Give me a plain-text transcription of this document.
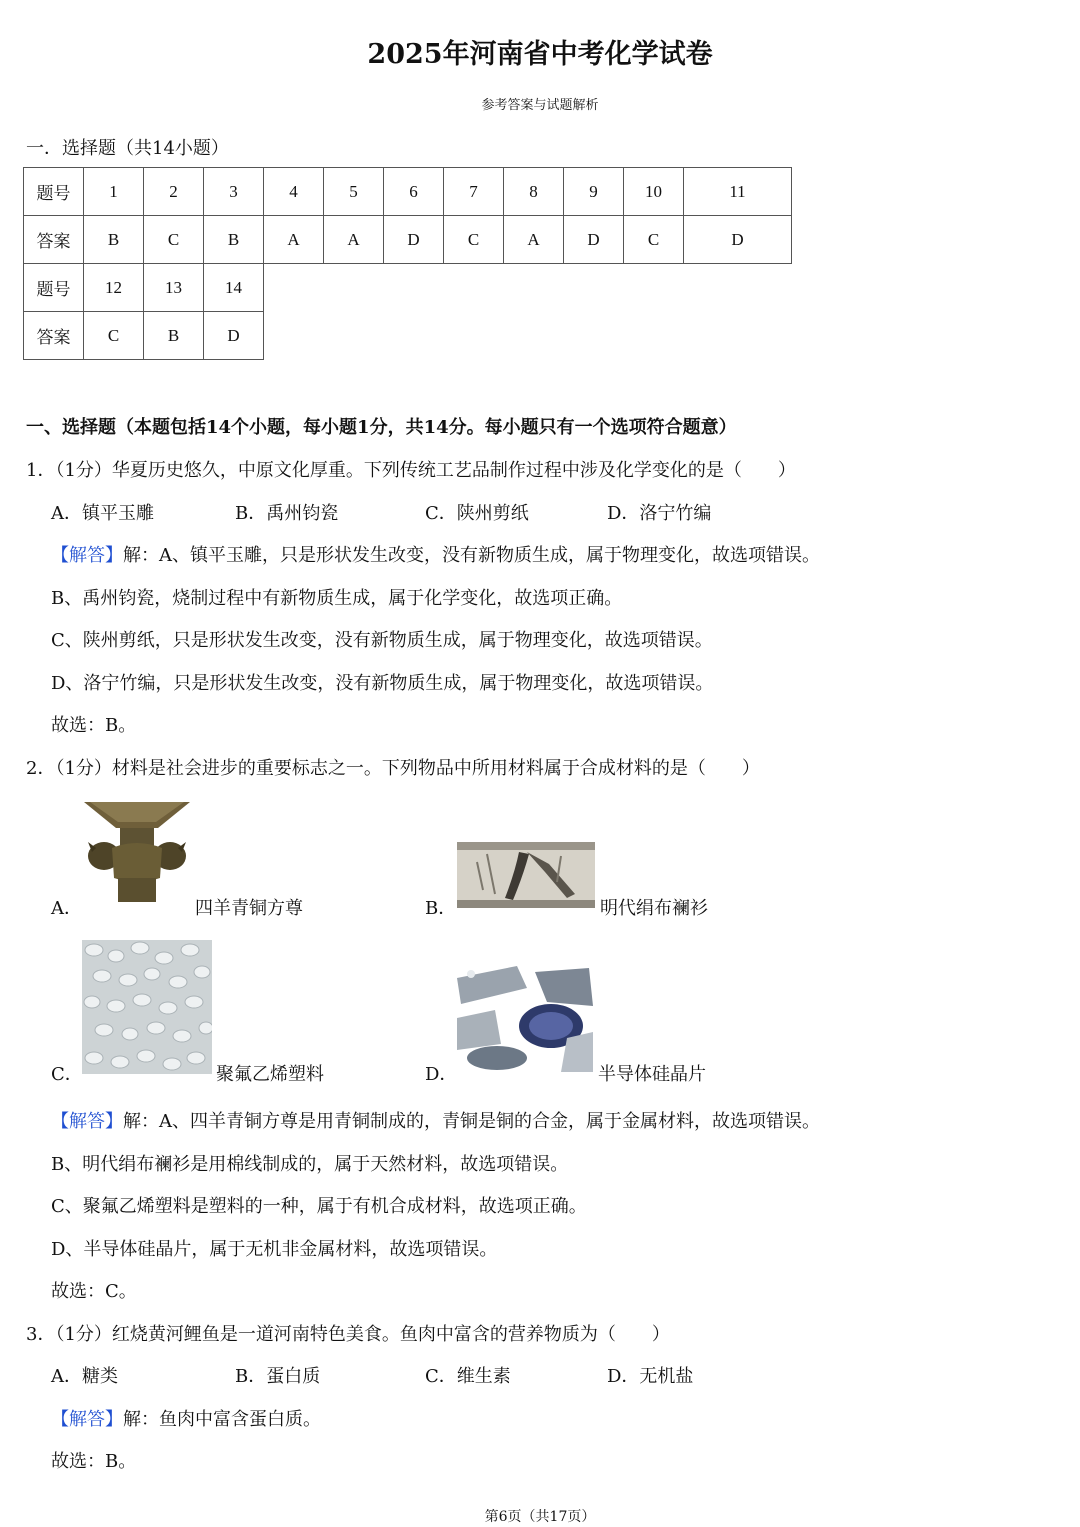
2025年河南省中考化学试卷
参考答案与试题解析
一．选择题（共14小题）
题号	1	2	3	4	5	6	7	8	9	10	11
答案	B	C	B	A	A	D	C	A	D	C	D
题号	12	13	14
答案	C	B	D
一、选择题（本题包括14个小题，每小题1分，共14分。每小题只有一个选项符合题意）
1．（1分）华夏历史悠久，中原文化厚重。下列传统工艺品制作过程中涉及化学变化的是（　　）
A．镇平玉雕	B．禹州钧瓷	C．陕州剪纸	D．洛宁竹编
【解答】解：A、镇平玉雕，只是形状发生改变，没有新物质生成，属于物理变化，故选项错误。
B、禹州钧瓷，烧制过程中有新物质生成，属于化学变化，故选项正确。
C、陕州剪纸，只是形状发生改变，没有新物质生成，属于物理变化，故选项错误。
D、洛宁竹编，只是形状发生改变，没有新物质生成，属于物理变化，故选项错误。
故选：B。
2．（1分）材料是社会进步的重要标志之一。下列物品中所用材料属于合成材料的是（　　）
A．	四羊青铜方尊	B．	明代绢布襕衫
C．	聚氟乙烯塑料	D．	半导体硅晶片
【解答】解：A、四羊青铜方尊是用青铜制成的，青铜是铜的合金，属于金属材料，故选项错误。
B、明代绢布襕衫是用棉线制成的，属于天然材料，故选项错误。
C、聚氟乙烯塑料是塑料的一种，属于有机合成材料，故选项正确。
D、半导体硅晶片，属于无机非金属材料，故选项错误。
故选：C。
3．（1分）红烧黄河鲤鱼是一道河南特色美食。鱼肉中富含的营养物质为（　　）
A．糖类	B．蛋白质	C．维生素	D．无机盐
【解答】解：鱼肉中富含蛋白质。
故选：B。
第6页（共17页）
